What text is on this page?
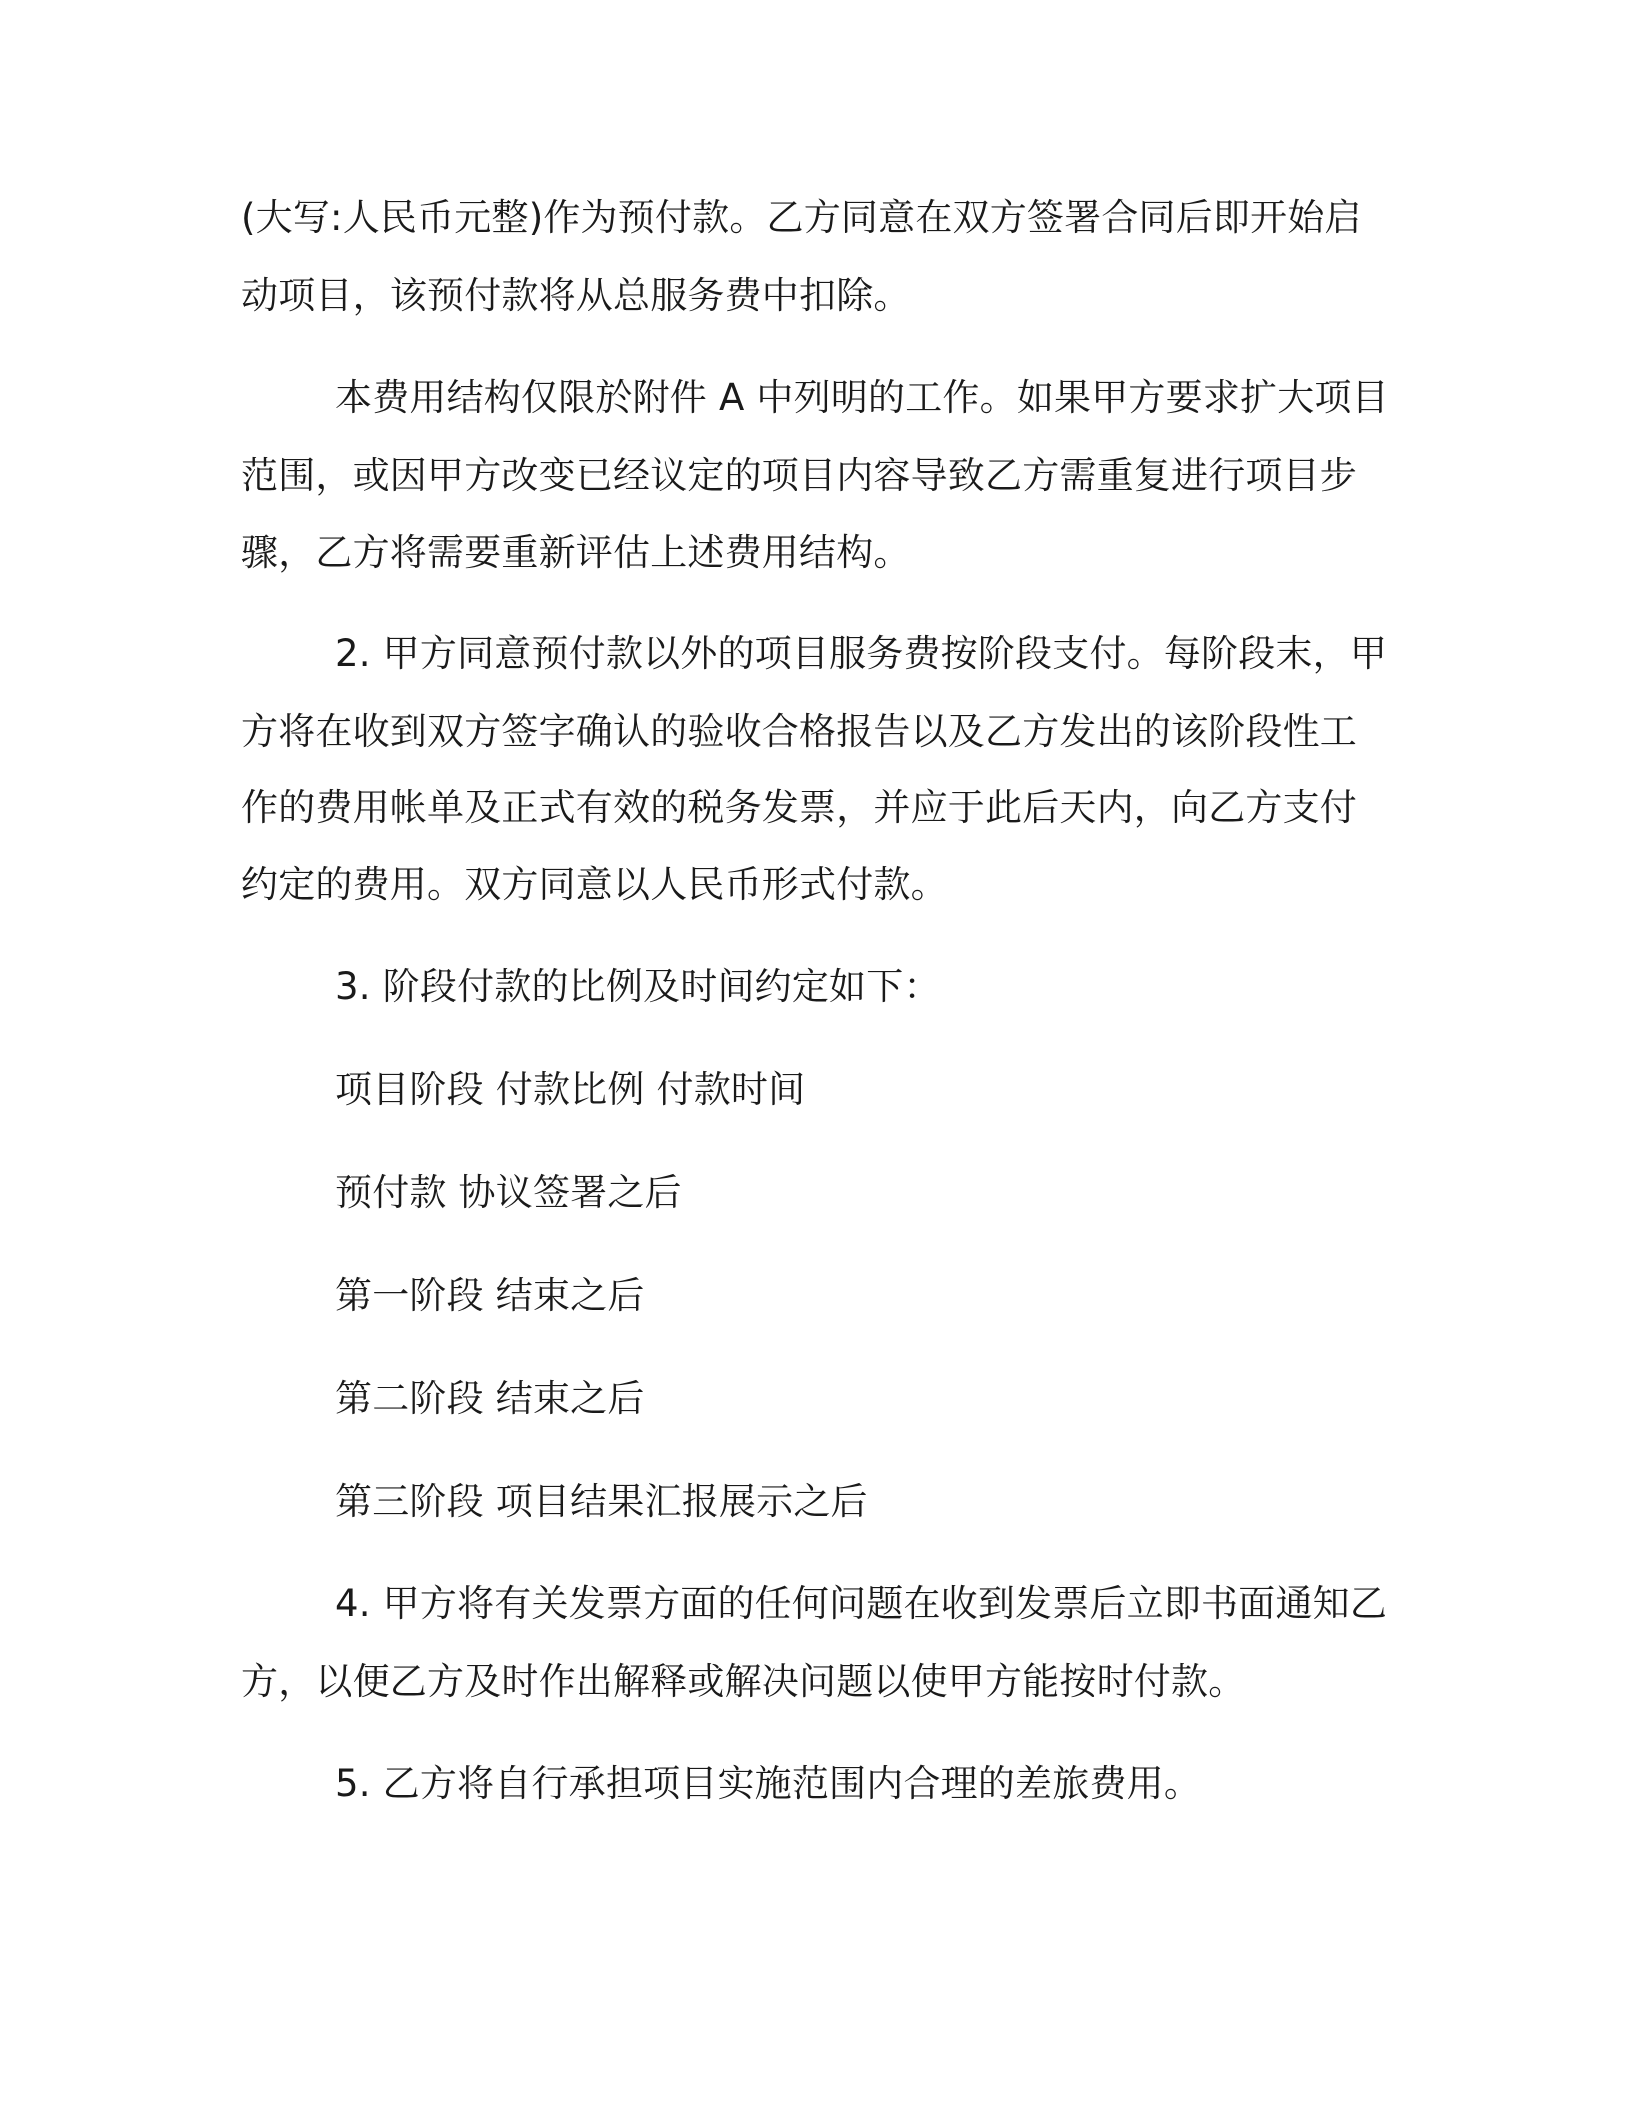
(大写:人民币元整)作为预付款。乙方同意在双方签署合同后即开始启
动项目，该预付款将从总服务费中扣除。
本费用结构仅限於附件 A 中列明的工作。如果甲方要求扩大项目
范围，或因甲方改变已经议定的项目内容导致乙方需重复进行项目步
骤，乙方将需要重新评估上述费用结构。
2. 甲方同意预付款以外的项目服务费按阶段支付。每阶段末，甲
方将在收到双方签字确认的验收合格报告以及乙方发出的该阶段性工
作的费用帐单及正式有效的税务发票，并应于此后天内，向乙方支付
约定的费用。双方同意以人民币形式付款。
3. 阶段付款的比例及时间约定如下：
项目阶段 付款比例 付款时间
预付款 协议签署之后
第一阶段 结束之后
第二阶段 结束之后
第三阶段 项目结果汇报展示之后
4. 甲方将有关发票方面的任何问题在收到发票后立即书面通知乙
方，以便乙方及时作出解释或解决问题以使甲方能按时付款。
5. 乙方将自行承担项目实施范围内合理的差旅费用。
